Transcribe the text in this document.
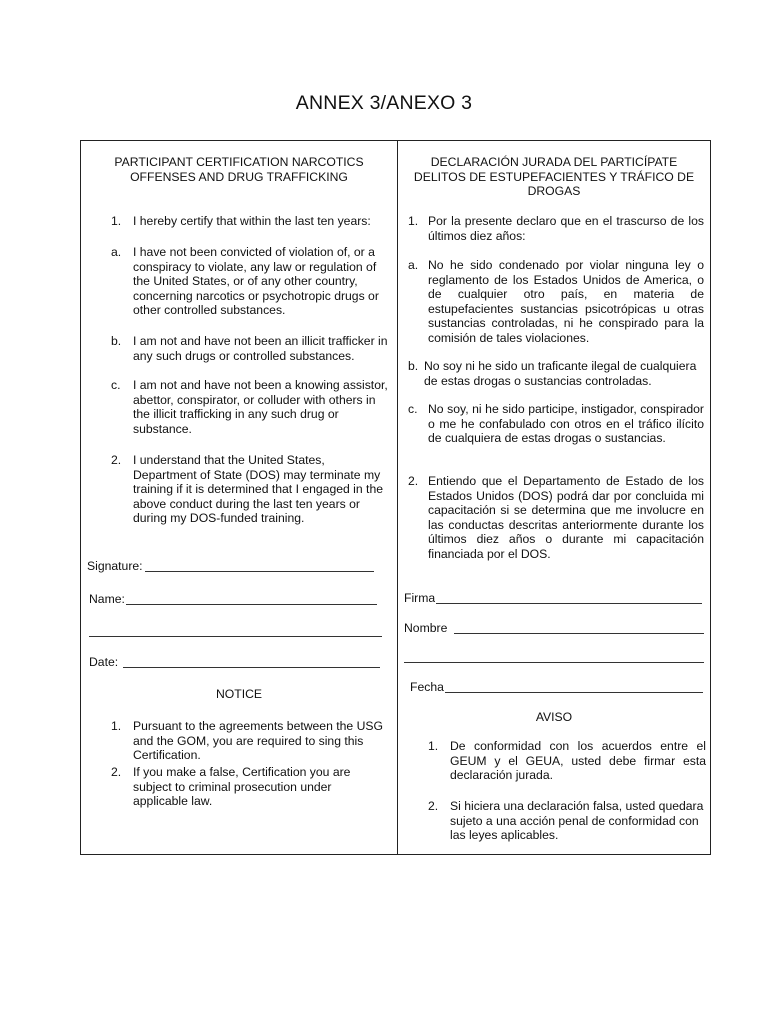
ANNEX 3/ANEXO 3
PARTICIPANT CERTIFICATION NARCOTICS OFFENSES AND DRUG TRAFFICKING
1. I hereby certify that within the last ten years:
a. I have not been convicted of violation of, or a conspiracy to violate, any law or regulation of the United States, or of any other country, concerning narcotics or psychotropic drugs or other controlled substances.
b. I am not and have not been an illicit trafficker in any such drugs or controlled substances.
c.	I am not and have not been a knowing assistor, abettor, conspirator, or colluder with others in the illicit trafficking in any such drug or substance.
2. I understand that the United States, Department of State (DOS) may terminate my training if it is determined that I engaged in the above conduct during the last ten years or during my DOS-funded training.
Signature:
Name:
Date:
NOTICE
1. Pursuant to the agreements between the USG and the GOM, you are required to sing this Certification.
2. If you make a false, Certification you are subject to criminal prosecution under applicable law.
DECLARACIÓN JURADA DEL PARTICÍPATE DELITOS DE ESTUPEFACIENTES Y TRÁFICO DE DROGAS
1. Por la presente declaro que en el trascurso de los últimos diez años:
a. No he sido condenado por violar ninguna ley o reglamento de los Estados Unidos de America, o de cualquier otro país, en materia de estupefacientes sustancias psicotrópicas u otras sustancias controladas, ni he conspirado para la comisión de tales violaciones.
b. No soy ni he sido un traficante ilegal de cualquiera de estas drogas o sustancias controladas.
c. No soy, ni he sido participe, instigador, conspirador o me he confabulado con otros en el tráfico ilícito de cualquiera de estas drogas o sustancias.
2. Entiendo que el Departamento de Estado de los Estados Unidos (DOS) podrá dar por concluida mi capacitación si se determina que me involucre en las conductas descritas anteriormente durante los últimos diez años o durante mi capacitación financiada por el DOS.
Firma
Nombre
Fecha
AVISO
1. De conformidad con los acuerdos entre el GEUM y el GEUA, usted debe firmar esta declaración jurada.
2. Si hiciera una declaración falsa, usted quedara sujeto a una acción penal de conformidad con las leyes aplicables.
